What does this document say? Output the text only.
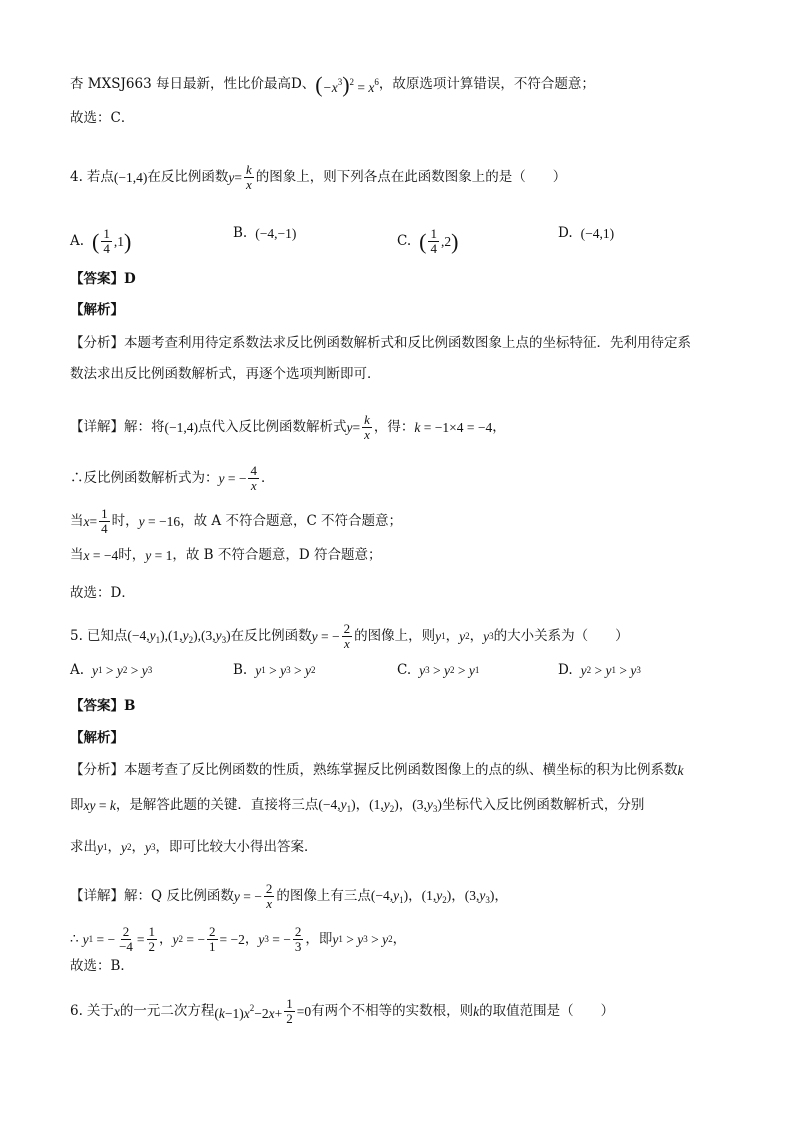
杏 MXSJ663 每日最新，性比价最高D、 $(-x^3)^2 = x^6$ ，故原选项计算错误，不符合题意；
故选：C．
4. 若点 (−1,4) 在反比例函数 $y = \frac{k}{x}$ 的图象上，则下列各点在此函数图象上的是（　　）
A. ( $\frac{1}{4} ,1$ )	B. (−4,−1)	C. ( $\frac{1}{4} ,2$ )	D. (−4,1)
【答案】D
【解析】
【分析】本题考查利用待定系数法求反比例函数解析式和反比例函数图象上点的坐标特征．先利用待定系
数法求出反比例函数解析式，再逐个选项判断即可．
【详解】解：将 (−1,4) 点代入反比例函数解析式 $y = \frac{k}{x}$ ，得： k = −1×4 = −4 ，
∴反比例函数解析式为： y = − $\frac{4}{x}$ ．
当 $x = \frac{1}{4}$ 时， y = −16 ，故 A 不符合题意，C 不符合题意；
当 x = −4 时， y = 1 ，故 B 不符合题意，D 符合题意；
故选：D．
5. 已知点 $(-4,y_1),(1,y_2),(3,y_3)$ 在反比例函数 y = − $\frac{2}{x}$ 的图像上，则 y 1 ， y 2 ， y 3 的大小关系为（　　）
A. y 1 > y 2 > y 3	B. y 1 > y 3 > y 2	C. y 3 > y 2 > y 1	D. y 2 > y 1 > y 3
【答案】B
【解析】
【分析】本题考查了反比例函数的性质，熟练掌握反比例函数图像上的点的纵、横坐标的积为比例系数 k
即 xy = k ，是解答此题的关键．直接将三点 $(-4,y_1)$ ， $(1,y_2)$ ， $(3,y_3)$ 坐标代入反比例函数解析式，分别
求出 y 1 ， y 2 ， y 3 ，即可比较大小得出答案．
【详解】解：Q 反比例函数 y = − $\frac{2}{x}$ 的图像上有三点 $(-4,y_1)$ ， $(1,y_2)$ ， $(3,y_3)$ ，
∴ y 1 = − $\frac{2}{-4} = \frac{1}{2}$ ， y 2 = − $\frac{2}{1} = -2$ ， y 3 = − $\frac{2}{3}$ ，即 y 1 > y 3 > y 2 ，
故选：B．
6. 关于 x 的一元二次方程 $(k-1)x^2-2x+ \frac{1}{2} =0$ 有两个不相等的实数根，则 k 的取值范围是（　　）
